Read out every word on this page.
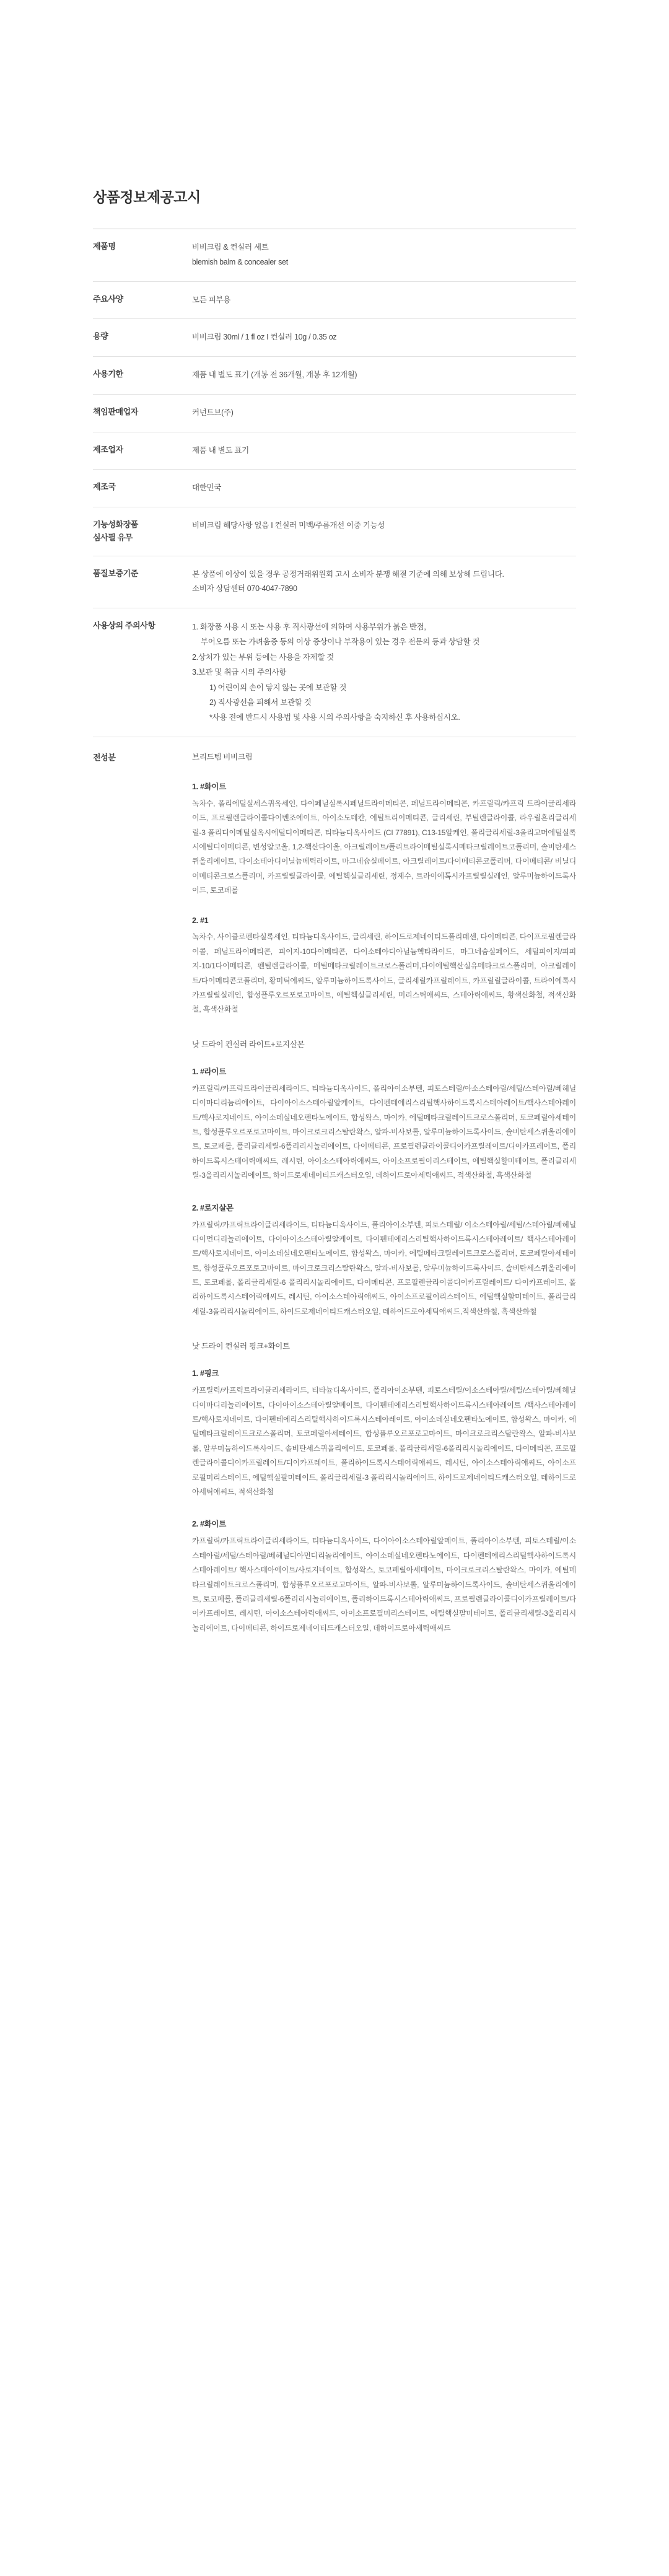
상품정보제공고시
제품명	비비크림 & 컨실러 세트
blemish balm & concealer set

주요사양	모든 피부용

용량	비비크림 30ml / 1 fl oz I 컨실러 10g / 0.35 oz

사용기한	제품 내 별도 표기 (개봉 전 36개월, 개봉 후 12개월)

책임판매업자	커넌트브(주)

제조업자	제품 내 별도 표기

제조국	대한민국

기능성화장품
심사필 유무	비비크림 해당사항 없음 I 컨실러 미백/주름개선 이중 기능성

품질보증기준	본 상품에 이상이 있을 경우 공정거래위원회 고시 소비자 분쟁 해결 기준에 의해 보상해 드립니다.
소비자 상담센터 070-4047-7890

사용상의 주의사항	1. 화장품 사용 시 또는 사용 후 직사광선에 의하여 사용부위가 붉은 반점,
부어오름 또는 가려움증 등의 이상 증상이나 부작용이 있는 경우 전문의 등과 상담할 것
2.상처가 있는 부위 등에는 사용을 자제할 것
3.보관 및 취급 시의 주의사항
1) 어린이의 손이 닿지 않는 곳에 보관할 것
2) 직사광선을 피해서 보관할 것
*사용 전에 반드시 사용법 및 사용 시의 주의사항을 숙지하신 후 사용하십시오.
전성분	브리드템 비비크림
1. #화이트
녹차수, 폴리에틸실세스퀴옥세인, 다이페닐실록시페닐트라이메티콘, 페닐트라이메티콘, 카프릴릭/카프릭 트라이글리세라이드, 프로필렌글라이콜다이벤조에이트, 아이소도데칸, 에틸트리이메티콘, 글리세린, 부틸렌글라이콜, 라우릴흔리글리세릴-3 폴리디이메틸실옥시에틸디이메티콘, 티타늄디옥사이드 (CI 77891), C13-15알케인, 폴리글리세릴-3올리고머에틸실록시에틸디이메티콘, 변성알코올, 1,2-핵산다이올, 아크릴레이트/폴리트라이메틸실록시메타크릴레이트코폴리머, 솔비탄세스퀴올리에이트, 다이소테아디이닐늄메틱라이트, 마그네슘실페이트, 아크릴레이트/다이메티콘코폴리머, 다이메티콘/ 비닐디이메티콘크로스폴리머, 카프릴릴글라이콜, 에틸헥실글리세린, 정제수, 트라이에톡시카프릴릴실레인, 알루미늄하이드록사이드, 토코페롤
2. #1
녹차수, 사이클로펜타실록세인, 티타늄디옥사이드, 글리세린, 하이드로제네이티드폴리데센, 다이메티콘, 다이프로필렌글라이콜, 페닐트라이메티콘, 피이지-10다이메티콘, 다이소테아디아닐늄헥타라이드, 마그네슘실페이드, 세틸피이지/피피지-10/1다이메티콘, 펜틸렌글라이콜, 메틸메타크릴레이트크로스폴리머,다이에틸핵산실유메타크로스폴리머, 아크릴레이트/다이메티콘코폴리머, 황미틱에씨드, 알루미늄하이드록사이드, 글리세릴카프릴레이트, 카프릴릴글라이콜, 트라이에톡시카프릴릴실레인, 합성플루오르포로고마이트, 에틸헥실글리세린, 미리스틱애씨드, 스테아릭애씨드, 황색산화철, 적색산화철, 흑색산화철
낫 드라이 컨실러 라이트+로지살몬
1. #라이트
카프릴릭/카프릭트라이글리세라이드, 티타늄디옥사이드, 폴리아이소부텐, 피토스테릴/아소스테아릴/세틸/스테아릴/베헤닐디이마디리늄리에이트, 다이아이소스테아릴알케이트, 다이펜테에리스리틸핵사하이드록시스테아레이트/핵사스테아레이트/핵사로지네이트, 아이소데실네오펜타노에이트, 합성왁스, 마이카, 에틸메타크릴레이트크로스폴리머, 토코페릴아세테이트, 합성플루오르포로고마이트, 마이크로크리스탈란왁스, 알파-비사보롤, 알루미늄하이드록사이드, 솔비탄세스퀴올리에이트, 토코페롤, 폴리글리세릴-6폴리리시놀리에이트, 다이메티콘, 프로필렌글라이콜디이카프릴레이트/디이카프레이트, 폴리하이드록시스테어릭애씨드, 레시틴, 아이소스테아릭애씨드, 아이소프로필이리스테이트, 에틸핵실할미테이트, 폴리글리세릴-3올리리시놀리에이트, 하이드로제네이티드캐스터오일, 데하이드로아세틱애씨드, 적색산화철, 흑색산화철
2. #로지살몬
카프릴릭/카프릭트라이글리세라이드, 티타늄디옥사이드, 폴리아이소부텐, 피토스테릴/ 이소스테아릴/세틸/스테아릴/베헤닐디이먼디리놀리에이트, 다이아이소스테아릴알케이트, 다이펜테에리스리틸핵사하이드록시스테아레이트/ 핵사스테아레이트/핵사로지네이트, 아이소데실네오펜타노에이트, 합성왁스, 마이카, 에틸메타크릴레이트크로스폴리머, 토코페릴아세테이트, 합성플루오르포로고마이트, 마이크로크리스탈란왁스, 알파-비사보롤, 알루미늄하이드록사이드, 솔비탄세스퀴올리에이트, 토코페롤, 폴리글리세릴-6 폴리리시놀리에이트, 다이메티콘, 프로필렌글라이콜디이카프릴레이트/ 다이카프레이트, 폴리하이드록시스테어릭애씨드, 레시틴, 아이소스테아릭애씨드, 아이소프로필이리스테이트, 에틸핵실할미테이트, 폴리글리세릴-3올리리시놀리에이트, 하이드로제네이티드캐스터오일, 데하이드로아세틱애씨드,적색산화철, 흑색산화철
낫 드라이 컨실러 핑크+화이트
1. #핑크
카프릴릭/카프릭트라이글리세라이드, 티타늄디옥사이드, 폴리아이소부텐, 피토스테릴/이소스테아릴/세틸/스테아릴/베헤닐디이마디리놀리에이트, 다이아이소스테아릴알메이트, 다이펜테에리스리틸핵사하이드록시스테아레이트 /핵사스테아레이트/핵사로지네이트, 다이펜테에리스리틸핵사하이드록시스테아레이트, 아이소데실네오펜타노에이트, 합성왁스, 마이카, 에틸메타크릴레이트크로스폴리머, 토코페릴아세테이트, 합성플루오르포로고마이트, 마이크로크리스탈란왁스, 알파-비사보롤, 알루미늄하이드록사이드, 솔비탄세스퀴올리에이트, 토코페롤, 폴리글리세릴-6폴리리시놀리에이트, 다이메티콘, 프로필렌글라이콜디이카프릴레이트/디이카프레이트, 폴리하이드록시스테어릭애씨드, 레시틴, 아이소스테아릭애씨드, 아이소프로필미리스테이트, 에틸핵실팔미테이트, 폴리글리세릴-3 폴리리시놀리에이트, 하이드로제네이티드캐스터오일, 데하이드로아세틱애씨드, 적색산화철
2. #화이트
카프릴릭/카프릭트라이글리세라이드, 티타늄디옥사이드, 다이아이소스테아릴알메이트, 폴리아이소부텐, 피토스테릴/이소스테아릴/세틸/스테아릴/베헤닐디아먼디리놀리에이트, 아이소데실네오펜타노에이트, 다이펜테에리스리틸핵사하이드록시스테아레이트/ 핵사스테아에이트/사로지네이트, 합성왁스, 토코페릴아세테이트, 마이크로크리스탈란왁스, 마이카, 에틸메타크릴레이트크로스폴리머, 합성플루오르포로고마이트, 알파-비사보롤, 알루미늄하이드록사이드, 솔비탄세스퀴올리에이트, 토코페롤, 폴리글리세릴-6폴리리시놀리에이트, 폴리하이드록시스테아릭애씨드, 프로필렌글라이콜디이카프릴레이트/다이카프레이트, 레시틴, 아이소스테아릭애씨드, 아이소프로필미리스테이트, 에틸핵실팔미테이트, 폴리글리세릴-3올리리시놀리에이트, 다이메티콘, 하이드로제네이티드캐스터오일, 데하이드로아세틱애씨드
